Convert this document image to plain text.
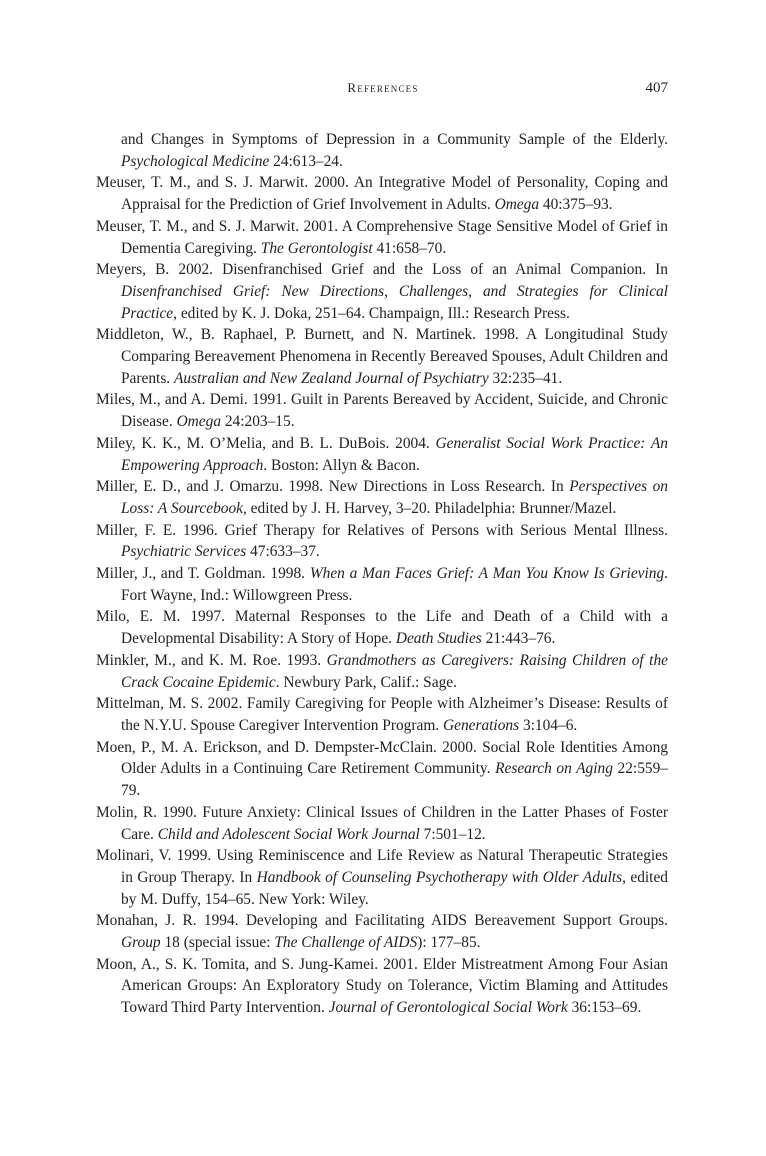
References	407

and Changes in Symptoms of Depression in a Community Sample of the Elderly. Psychological Medicine 24:613–24.

Meuser, T. M., and S. J. Marwit. 2000. An Integrative Model of Personality, Coping and Appraisal for the Prediction of Grief Involvement in Adults. Omega 40:375–93.

Meuser, T. M., and S. J. Marwit. 2001. A Comprehensive Stage Sensitive Model of Grief in Dementia Caregiving. The Gerontologist 41:658–70.

Meyers, B. 2002. Disenfranchised Grief and the Loss of an Animal Companion. In Disenfranchised Grief: New Directions, Challenges, and Strategies for Clinical Practice, edited by K. J. Doka, 251–64. Champaign, Ill.: Research Press.

Middleton, W., B. Raphael, P. Burnett, and N. Martinek. 1998. A Longitudinal Study Comparing Bereavement Phenomena in Recently Bereaved Spouses, Adult Children and Parents. Australian and New Zealand Journal of Psychiatry 32:235–41.

Miles, M., and A. Demi. 1991. Guilt in Parents Bereaved by Accident, Suicide, and Chronic Disease. Omega 24:203–15.

Miley, K. K., M. O’Melia, and B. L. DuBois. 2004. Generalist Social Work Practice: An Empowering Approach. Boston: Allyn & Bacon.

Miller, E. D., and J. Omarzu. 1998. New Directions in Loss Research. In Perspectives on Loss: A Sourcebook, edited by J. H. Harvey, 3–20. Philadelphia: Brunner/Mazel.

Miller, F. E. 1996. Grief Therapy for Relatives of Persons with Serious Mental Illness. Psychiatric Services 47:633–37.

Miller, J., and T. Goldman. 1998. When a Man Faces Grief: A Man You Know Is Grieving. Fort Wayne, Ind.: Willowgreen Press.

Milo, E. M. 1997. Maternal Responses to the Life and Death of a Child with a Developmental Disability: A Story of Hope. Death Studies 21:443–76.

Minkler, M., and K. M. Roe. 1993. Grandmothers as Caregivers: Raising Children of the Crack Cocaine Epidemic. Newbury Park, Calif.: Sage.

Mittelman, M. S. 2002. Family Caregiving for People with Alzheimer’s Disease: Results of the N.Y.U. Spouse Caregiver Intervention Program. Generations 3:104–6.

Moen, P., M. A. Erickson, and D. Dempster-McClain. 2000. Social Role Identities Among Older Adults in a Continuing Care Retirement Community. Research on Aging 22:559–79.

Molin, R. 1990. Future Anxiety: Clinical Issues of Children in the Latter Phases of Foster Care. Child and Adolescent Social Work Journal 7:501–12.

Molinari, V. 1999. Using Reminiscence and Life Review as Natural Therapeutic Strategies in Group Therapy. In Handbook of Counseling Psychotherapy with Older Adults, edited by M. Duffy, 154–65. New York: Wiley.

Monahan, J. R. 1994. Developing and Facilitating AIDS Bereavement Support Groups. Group 18 (special issue: The Challenge of AIDS): 177–85.

Moon, A., S. K. Tomita, and S. Jung-Kamei. 2001. Elder Mistreatment Among Four Asian American Groups: An Exploratory Study on Tolerance, Victim Blaming and Attitudes Toward Third Party Intervention. Journal of Gerontological Social Work 36:153–69.
